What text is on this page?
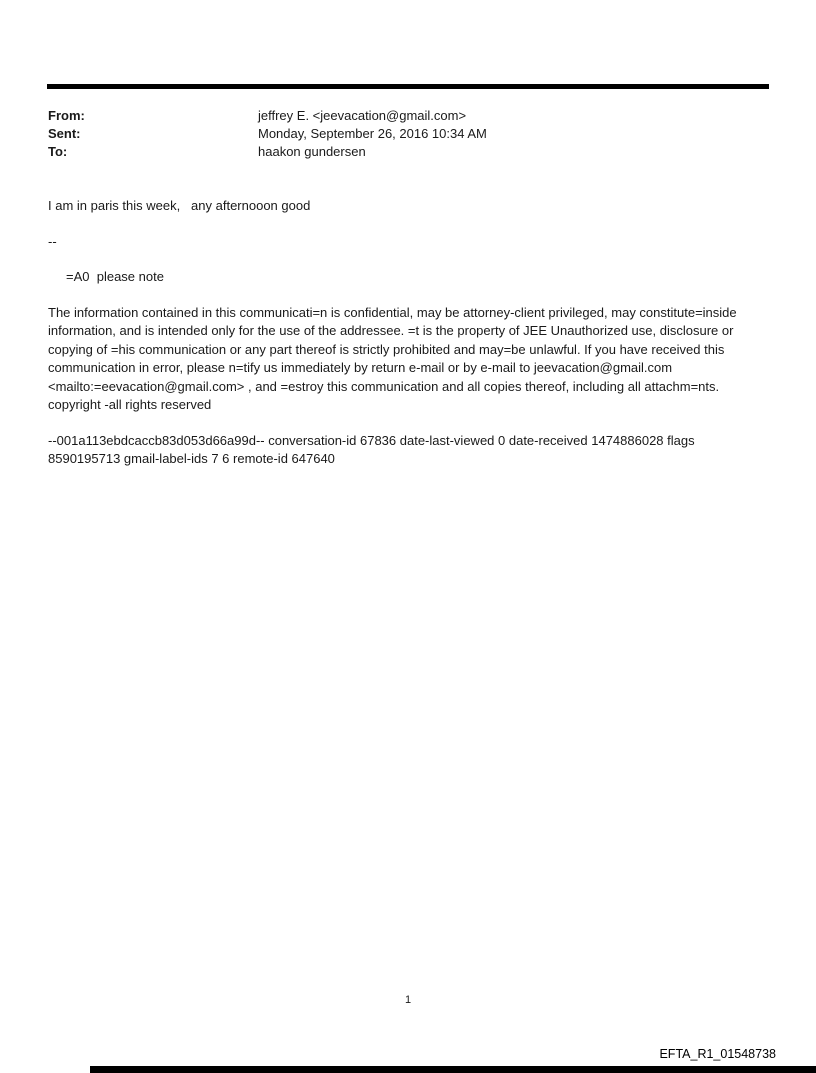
From:	jeffrey E. <jeevacation@gmail.com>
Sent:	Monday, September 26, 2016 10:34 AM
To:	haakon gundersen

I am in paris this week,   any afternooon good

--

=A0  please note

The information contained in this communicati=n is confidential, may be attorney-client privileged, may constitute=inside information, and is intended only for the use of the addressee. =t is the property of JEE Unauthorized use, disclosure or copying of =his communication or any part thereof is strictly prohibited and may=be unlawful. If you have received this communication in error, please n=tify us immediately by return e-mail or by e-mail to jeevacation@gmail.com <mailto:=eevacation@gmail.com> , and =estroy this communication and all copies thereof, including all attachm=nts. copyright -all rights reserved

--001a113ebdcaccb83d053d66a99d-- conversation-id 67836 date-last-viewed 0 date-received 1474886028 flags 8590195713 gmail-label-ids 7 6 remote-id 647640

1
EFTA_R1_01548738
